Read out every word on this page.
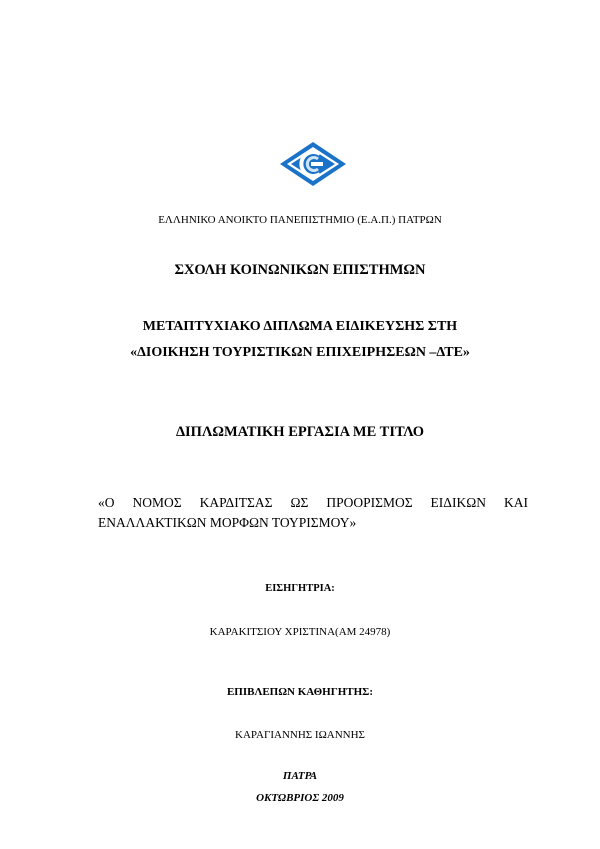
ΕΛΛΗΝΙΚΟ ΑΝΟΙΚΤΟ ΠΑΝΕΠΙΣΤΗΜΙΟ (Ε.Α.Π.) ΠΑΤΡΩΝ
ΣΧΟΛΗ ΚΟΙΝΩΝΙΚΩΝ ΕΠΙΣΤΗΜΩΝ
ΜΕΤΑΠΤΥΧΙΑΚΟ ΔΙΠΛΩΜΑ ΕΙΔΙΚΕΥΣΗΣ ΣΤΗ
«ΔΙΟΙΚΗΣΗ ΤΟΥΡΙΣΤΙΚΩΝ ΕΠΙΧΕΙΡΗΣΕΩΝ –ΔΤΕ»
ΔΙΠΛΩΜΑΤΙΚΗ ΕΡΓΑΣΙΑ ΜΕ ΤΙΤΛΟ
«Ο ΝΟΜΟΣ ΚΑΡΔΙΤΣΑΣ ΩΣ ΠΡΟΟΡΙΣΜΟΣ ΕΙΔΙΚΩΝ ΚΑΙ
ΕΝΑΛΛΑΚΤΙΚΩΝ ΜΟΡΦΩΝ ΤΟΥΡΙΣΜΟΥ»
ΕΙΣΗΓΗΤΡΙΑ:
ΚΑΡΑΚΙΤΣΙΟΥ ΧΡΙΣΤΙΝΑ(ΑΜ 24978)
ΕΠΙΒΛΕΠΩΝ ΚΑΘΗΓΗΤΗΣ:
ΚΑΡΑΓΙΑΝΝΗΣ ΙΩΑΝΝΗΣ
ΠΑΤΡΑ
ΟΚΤΩΒΡΙΟΣ 2009
